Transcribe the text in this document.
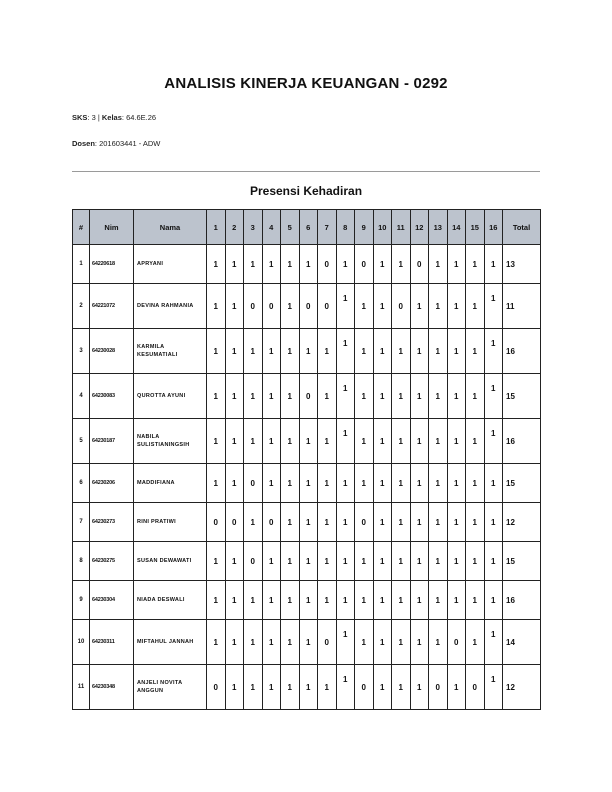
ANALISIS KINERJA KEUANGAN - 0292
SKS: 3 | Kelas: 64.6E.26
Dosen: 201603441 - ADW
Presensi Kehadiran
#	Nim	Nama	1	2	3	4	5	6	7	8	9	10	11	12	13	14	15	16	Total
1	64220618	APRYANI	1	1	1	1	1	1	0	1	0	1	1	0	1	1	1	1	13
2	64221072	DEVINA RAHMANIA	1	1	0	0	1	0	0	1	1	1	0	1	1	1	1	1	11
3	64230028	KARMILA KESUMATIALI	1	1	1	1	1	1	1	1	1	1	1	1	1	1	1	1	16
4	64230083	QUROTTA AYUNI	1	1	1	1	1	0	1	1	1	1	1	1	1	1	1	1	15
5	64230187	NABILA SULISTIANINGSIH	1	1	1	1	1	1	1	1	1	1	1	1	1	1	1	1	16
6	64230206	MADDIFIANA	1	1	0	1	1	1	1	1	1	1	1	1	1	1	1	1	15
7	64230273	RINI PRATIWI	0	0	1	0	1	1	1	1	0	1	1	1	1	1	1	1	12
8	64230275	SUSAN DEWAWATI	1	1	0	1	1	1	1	1	1	1	1	1	1	1	1	1	15
9	64230304	NIADA DESWALI	1	1	1	1	1	1	1	1	1	1	1	1	1	1	1	1	16
10	64230311	MIFTAHUL JANNAH	1	1	1	1	1	1	0	1	1	1	1	1	1	0	1	1	14
11	64230348	ANJELI NOVITA ANGGUN	0	1	1	1	1	1	1	1	0	1	1	1	0	1	0	1	12
